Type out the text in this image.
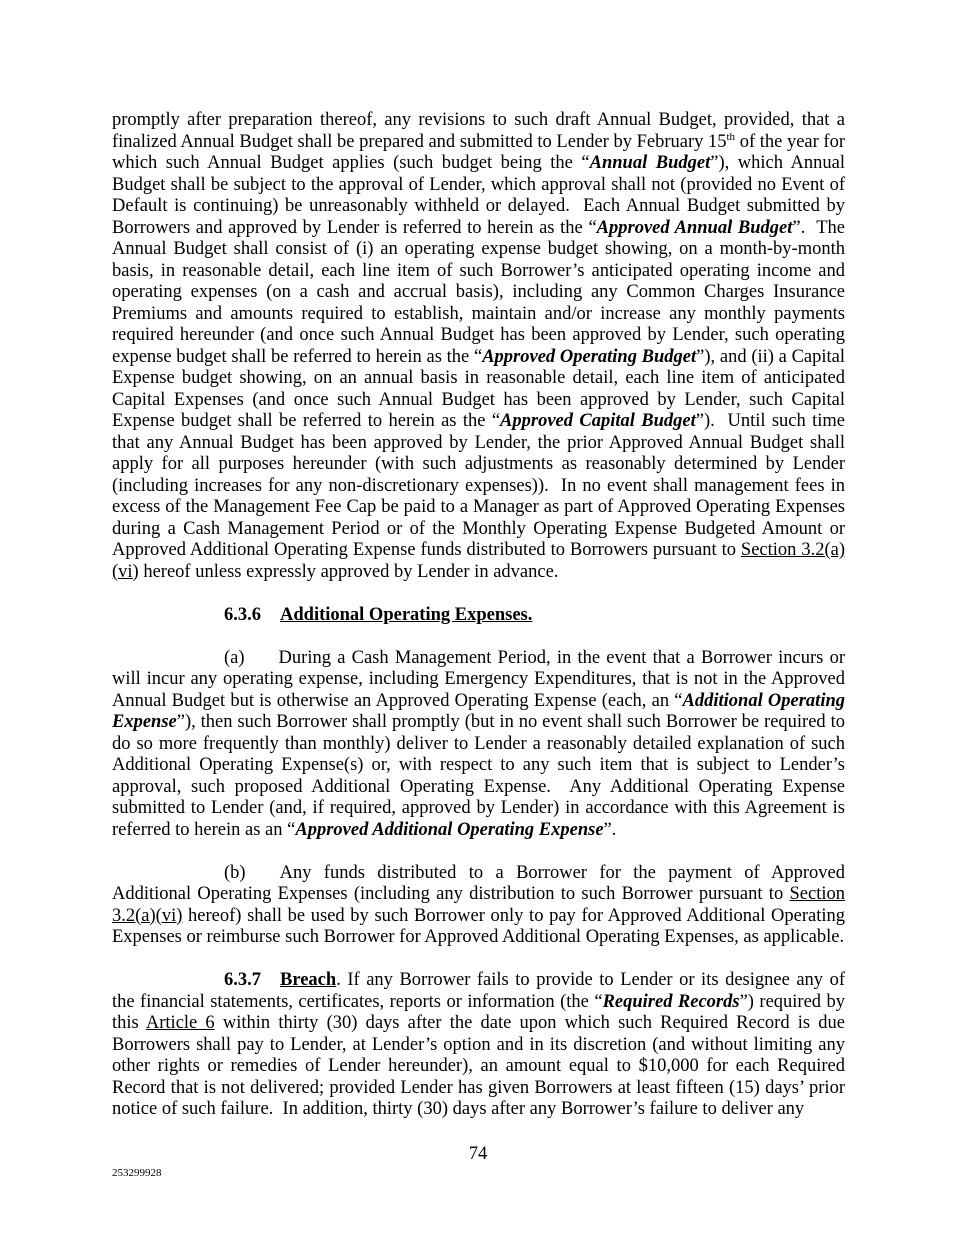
promptly after preparation thereof, any revisions to such draft Annual Budget, provided, that a finalized Annual Budget shall be prepared and submitted to Lender by February 15th of the year for which such Annual Budget applies (such budget being the “Annual Budget”), which Annual Budget shall be subject to the approval of Lender, which approval shall not (provided no Event of Default is continuing) be unreasonably withheld or delayed.  Each Annual Budget submitted by Borrowers and approved by Lender is referred to herein as the “Approved Annual Budget”.  The Annual Budget shall consist of (i) an operating expense budget showing, on a month-by-month basis, in reasonable detail, each line item of such Borrower’s anticipated operating income and operating expenses (on a cash and accrual basis), including any Common Charges Insurance Premiums and amounts required to establish, maintain and/or increase any monthly payments required hereunder (and once such Annual Budget has been approved by Lender, such operating expense budget shall be referred to herein as the “Approved Operating Budget”), and (ii) a Capital Expense budget showing, on an annual basis in reasonable detail, each line item of anticipated Capital Expenses (and once such Annual Budget has been approved by Lender, such Capital Expense budget shall be referred to herein as the “Approved Capital Budget”).  Until such time that any Annual Budget has been approved by Lender, the prior Approved Annual Budget shall apply for all purposes hereunder (with such adjustments as reasonably determined by Lender (including increases for any non-discretionary expenses)).  In no event shall management fees in excess of the Management Fee Cap be paid to a Manager as part of Approved Operating Expenses during a Cash Management Period or of the Monthly Operating Expense Budgeted Amount or Approved Additional Operating Expense funds distributed to Borrowers pursuant to Section 3.2(a)(vi) hereof unless expressly approved by Lender in advance.

6.3.6 Additional Operating Expenses.

(a) During a Cash Management Period, in the event that a Borrower incurs or will incur any operating expense, including Emergency Expenditures, that is not in the Approved Annual Budget but is otherwise an Approved Operating Expense (each, an “Additional Operating Expense”), then such Borrower shall promptly (but in no event shall such Borrower be required to do so more frequently than monthly) deliver to Lender a reasonably detailed explanation of such Additional Operating Expense(s) or, with respect to any such item that is subject to Lender’s approval, such proposed Additional Operating Expense.  Any Additional Operating Expense submitted to Lender (and, if required, approved by Lender) in accordance with this Agreement is referred to herein as an “Approved Additional Operating Expense”.

(b) Any funds distributed to a Borrower for the payment of Approved Additional Operating Expenses (including any distribution to such Borrower pursuant to Section 3.2(a)(vi) hereof) shall be used by such Borrower only to pay for Approved Additional Operating Expenses or reimburse such Borrower for Approved Additional Operating Expenses, as applicable.

6.3.7 Breach. If any Borrower fails to provide to Lender or its designee any of the financial statements, certificates, reports or information (the “Required Records”) required by this Article 6 within thirty (30) days after the date upon which such Required Record is due Borrowers shall pay to Lender, at Lender’s option and in its discretion (and without limiting any other rights or remedies of Lender hereunder), an amount equal to $10,000 for each Required Record that is not delivered; provided Lender has given Borrowers at least fifteen (15) days’ prior notice of such failure.  In addition, thirty (30) days after any Borrower’s failure to deliver any

74
253299928
